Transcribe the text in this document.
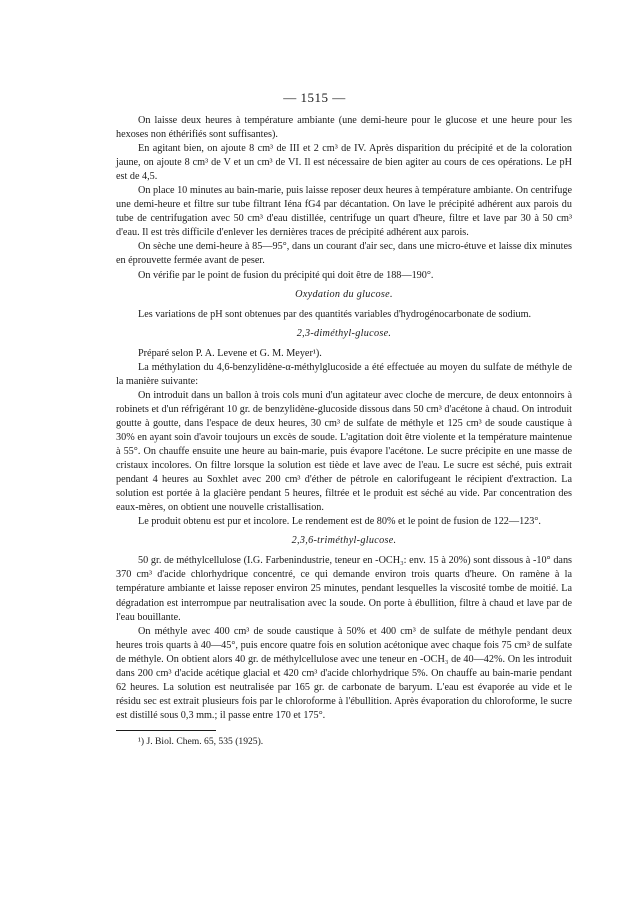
— 1515 —

On laisse deux heures à température ambiante (une demi-heure pour le glucose et une heure pour les hexoses non éthérifiés sont suffisantes).

En agitant bien, on ajoute 8 cm³ de III et 2 cm³ de IV. Après disparition du précipité et de la coloration jaune, on ajoute 8 cm³ de V et un cm³ de VI. Il est nécessaire de bien agiter au cours de ces opérations. Le pH est de 4,5.

On place 10 minutes au bain-marie, puis laisse reposer deux heures à température ambiante. On centrifuge une demi-heure et filtre sur tube filtrant Iéna fG4 par décantation. On lave le précipité adhérent aux parois du tube de centrifugation avec 50 cm³ d'eau distillée, centrifuge un quart d'heure, filtre et lave par 30 à 50 cm³ d'eau. Il est très difficile d'enlever les dernières traces de précipité adhérent aux parois.

On sèche une demi-heure à 85—95°, dans un courant d'air sec, dans une micro-étuve et laisse dix minutes en éprouvette fermée avant de peser.

On vérifie par le point de fusion du précipité qui doit être de 188—190°.

Oxydation du glucose.

Les variations de pH sont obtenues par des quantités variables d'hydrogénocarbonate de sodium.

2,3-diméthyl-glucose.

Préparé selon P. A. Levene et G. M. Meyer¹).

La méthylation du 4,6-benzylidène-α-méthylglucoside a été effectuée au moyen du sulfate de méthyle de la manière suivante:

On introduit dans un ballon à trois cols muni d'un agitateur avec cloche de mercure, de deux entonnoirs à robinets et d'un réfrigérant 10 gr. de benzylidène-glucoside dissous dans 50 cm³ d'acétone à chaud. On introduit goutte à goutte, dans l'espace de deux heures, 30 cm³ de sulfate de méthyle et 125 cm³ de soude caustique à 30% en ayant soin d'avoir toujours un excès de soude. L'agitation doit être violente et la température maintenue à 55°. On chauffe ensuite une heure au bain-marie, puis évapore l'acétone. Le sucre précipite en une masse de cristaux incolores. On filtre lorsque la solution est tiède et lave avec de l'eau. Le sucre est séché, puis extrait pendant 4 heures au Soxhlet avec 200 cm³ d'éther de pétrole en calorifugeant le récipient d'extraction. La solution est portée à la glacière pendant 5 heures, filtrée et le produit est séché au vide. Par concentration des eaux-mères, on obtient une nouvelle cristallisation.

Le produit obtenu est pur et incolore. Le rendement est de 80% et le point de fusion de 122—123°.

2,3,6-triméthyl-glucose.

50 gr. de méthylcellulose (I.G. Farbenindustrie, teneur en -OCH₃: env. 15 à 20%) sont dissous à -10° dans 370 cm³ d'acide chlorhydrique concentré, ce qui demande environ trois quarts d'heure. On ramène à la température ambiante et laisse reposer environ 25 minutes, pendant lesquelles la viscosité tombe de moitié. La dégradation est interrompue par neutralisation avec la soude. On porte à ébullition, filtre à chaud et lave par de l'eau bouillante.

On méthyle avec 400 cm³ de soude caustique à 50% et 400 cm³ de sulfate de méthyle pendant deux heures trois quarts à 40—45°, puis encore quatre fois en solution acétonique avec chaque fois 75 cm³ de sulfate de méthyle. On obtient alors 40 gr. de méthylcellulose avec une teneur en -OCH₃ de 40—42%. On les introduit dans 200 cm³ d'acide acétique glacial et 420 cm³ d'acide chlorhydrique 5%. On chauffe au bain-marie pendant 62 heures. La solution est neutralisée par 165 gr. de carbonate de baryum. L'eau est évaporée au vide et le résidu sec est extrait plusieurs fois par le chloroforme à l'ébullition. Après évaporation du chloroforme, le sucre est distillé sous 0,3 mm.; il passe entre 170 et 175°.

¹) J. Biol. Chem. 65, 535 (1925).
